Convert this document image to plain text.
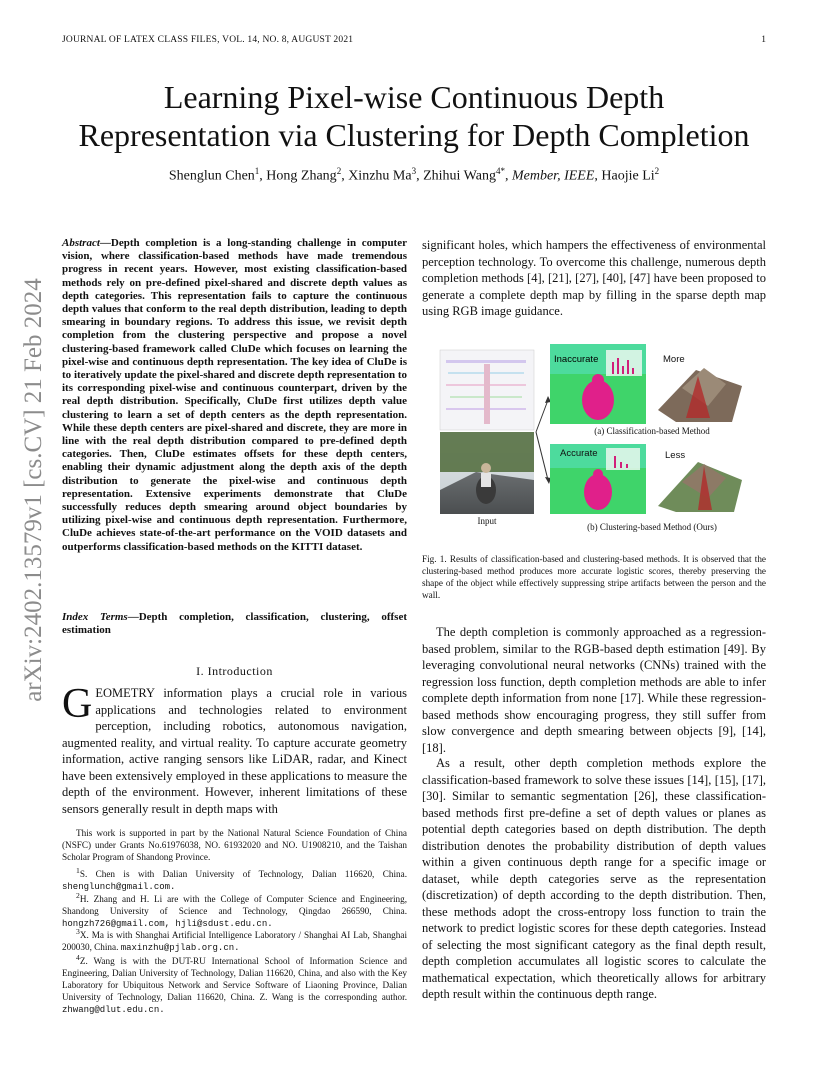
JOURNAL OF LATEX CLASS FILES, VOL. 14, NO. 8, AUGUST 2021	1
arXiv:2402.13579v1 [cs.CV] 21 Feb 2024
Learning Pixel-wise Continuous Depth
Representation via Clustering for Depth Completion
Shenglun Chen$^1$, Hong Zhang$^2$, Xinzhu Ma$^3$, Zhihui Wang$^{4*}$, Member, IEEE, Haojie Li$^2$
Abstract—Depth completion is a long-standing challenge in computer vision, where classification-based methods have made tremendous progress in recent years. However, most existing classification-based methods rely on pre-defined pixel-shared and discrete depth values as depth categories. This representation fails to capture the continuous depth values that conform to the real depth distribution, leading to depth smearing in boundary regions. To address this issue, we revisit depth completion from the clustering perspective and propose a novel clustering-based framework called CluDe which focuses on learning the pixel-wise and continuous depth representation. The key idea of CluDe is to iteratively update the pixel-shared and discrete depth representation to its corresponding pixel-wise and continuous counterpart, driven by the real depth distribution. Specifically, CluDe first utilizes depth value clustering to learn a set of depth centers as the depth representation. While these depth centers are pixel-shared and discrete, they are more in line with the real depth distribution compared to pre-defined depth categories. Then, CluDe estimates offsets for these depth centers, enabling their dynamic adjustment along the depth axis of the depth distribution to generate the pixel-wise and continuous depth representation. Extensive experiments demonstrate that CluDe successfully reduces depth smearing around object boundaries by utilizing pixel-wise and continuous depth representation. Furthermore, CluDe achieves state-of-the-art performance on the VOID datasets and outperforms classification-based methods on the KITTI dataset.
Index Terms—Depth completion, classification, clustering, offset estimation
I. Introduction
GEOMETRY information plays a crucial role in various applications and technologies related to environment perception, including robotics, autonomous navigation, augmented reality, and virtual reality. To capture accurate geometry information, active ranging sensors like LiDAR, radar, and Kinect have been extensively employed in these applications to measure the depth of the environment. However, inherent limitations of these sensors generally result in depth maps with
This work is supported in part by the National Natural Science Foundation of China (NSFC) under Grants No.61976038, NO. 61932020 and NO. U1908210, and the Taishan Scholar Program of Shandong Province.
$^1$S. Chen is with Dalian University of Technology, Dalian 116620, China. shenglunch@gmail.com.
$^2$H. Zhang and H. Li are with the College of Computer Science and Engineering, Shandong University of Science and Technology, Qingdao 266590, China. hongzh726@gmail.com, hjli@sdust.edu.cn.
$^3$X. Ma is with Shanghai Artificial Intelligence Laboratory / Shanghai AI Lab, Shanghai 200030, China. maxinzhu@pjlab.org.cn.
$^4$Z. Wang is with the DUT-RU International School of Information Science and Engineering, Dalian University of Technology, Dalian 116620, China, and also with the Key Laboratory for Ubiquitous Network and Service Software of Liaoning Province, Dalian University of Technology, Dalian 116620, China. Z. Wang is the corresponding author. zhwang@dlut.edu.cn.
significant holes, which hampers the effectiveness of environmental perception technology. To overcome this challenge, numerous depth completion methods [4], [21], [27], [40], [47] have been proposed to generate a complete depth map by filling in the sparse depth map using RGB image guidance.
Inaccurate	More
Accurate	Less
(a) Classification-based Method
(b) Clustering-based Method (Ours)
Input
Fig. 1. Results of classification-based and clustering-based methods. It is observed that the clustering-based method produces more accurate logistic scores, thereby preserving the shape of the object while effectively suppressing stripe artifacts between the person and the wall.
The depth completion is commonly approached as a regression-based problem, similar to the RGB-based depth estimation [49]. By leveraging convolutional neural networks (CNNs) trained with the regression loss function, depth completion methods are able to infer complete depth information from none [17]. While these regression-based methods show encouraging progress, they still suffer from slow convergence and depth smearing between objects [9], [14], [18].
As a result, other depth completion methods explore the classification-based framework to solve these issues [14], [15], [17], [30]. Similar to semantic segmentation [26], these classification-based methods first pre-define a set of depth values or planes as potential depth categories based on depth distribution. The depth distribution denotes the probability distribution of depth values within a given continuous depth range for a specific image or dataset, while depth categories serve as the representation (discretization) of depth according to the depth distribution. Then, these methods adopt the cross-entropy loss function to train the network to predict logistic scores for these depth categories. Instead of selecting the most significant category as the final depth result, depth completion accumulates all logistic scores to calculate the mathematical expectation, which theoretically allows for arbitrary depth result within the continuous depth range.
